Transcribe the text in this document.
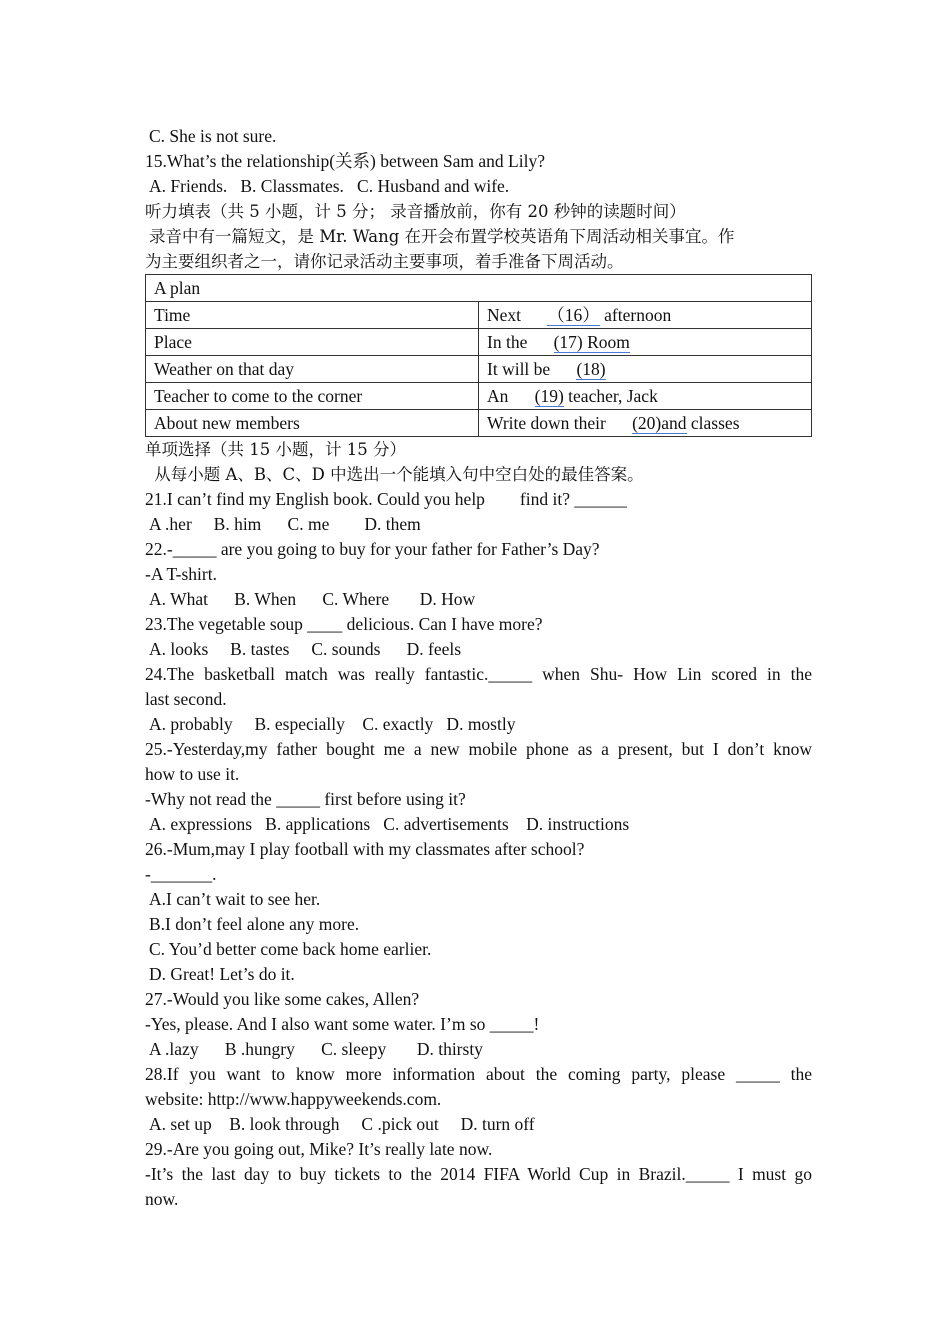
C. She is not sure.
15.What’s the relationship(关系) between Sam and Lily?
A. Friends.   B. Classmates.   C. Husband and wife.
听力填表（共 5 小题，计 5 分； 录音播放前，你有 20 秒钟的读题时间）
录音中有一篇短文，是 Mr. Wang 在开会布置学校英语角下周活动相关事宜。作
为主要组织者之一，请你记录活动主要事项，着手准备下周活动。
A plan	
Time	Next （16） afternoon
Place	In the (17) Room
Weather on that day	It will be (18)
Teacher to come to the corner	An (19) teacher, Jack
About new members	Write down their (20)and classes
单项选择（共 15 小题，计 15 分）
从每小题 A、B、C、D 中选出一个能填入句中空白处的最佳答案。
21.I can’t find my English book. Could you help        find it? ______
A .her     B. him      C. me        D. them
22.-_____ are you going to buy for your father for Father’s Day?
-A T-shirt.
A. What      B. When      C. Where       D. How
23.The vegetable soup ____ delicious. Can I have more?
A. looks     B. tastes     C. sounds      D. feels
24.The basketball match was really fantastic._____ when Shu- How Lin scored in the
last second.
A. probably     B. especially    C. exactly   D. mostly
25.-Yesterday,my father bought me a new mobile phone as a present, but I don’t know
how to use it.
-Why not read the _____ first before using it?
A. expressions   B. applications   C. advertisements    D. instructions
26.-Mum,may I play football with my classmates after school?
-_______.
A.I can’t wait to see her.
B.I don’t feel alone any more.
C. You’d better come back home earlier.
D. Great! Let’s do it.
27.-Would you like some cakes, Allen?
-Yes, please. And I also want some water. I’m so _____!
A .lazy      B .hungry      C. sleepy       D. thirsty
28.If you want to know more information about the coming party, please _____ the
website: http://www.happyweekends.com.
A. set up    B. look through     C .pick out     D. turn off
29.-Are you going out, Mike? It’s really late now.
-It’s the last day to buy tickets to the 2014 FIFA World Cup in Brazil._____ I must go
now.
